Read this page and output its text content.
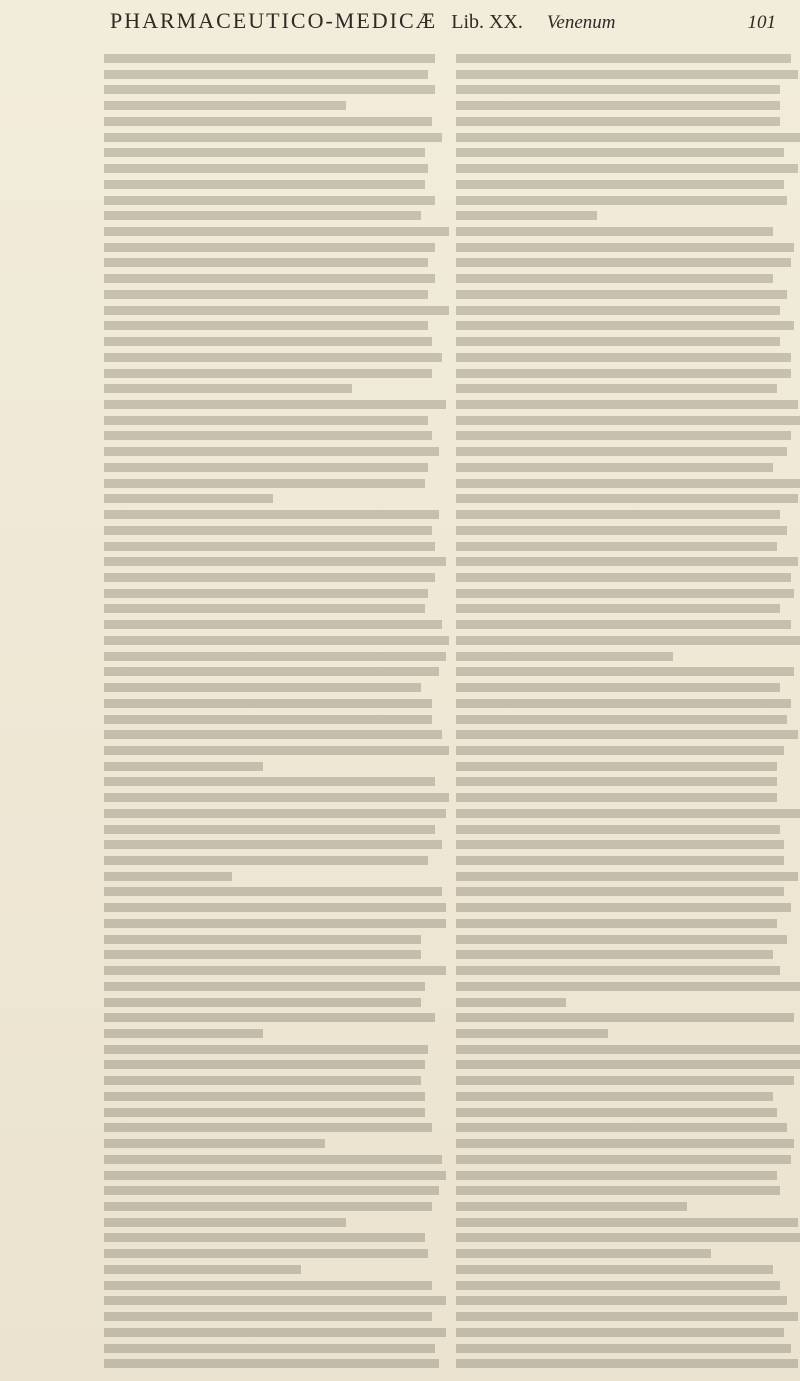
PHARMACEUTICO-MEDICÆ Lib. XX. Venenum	101
